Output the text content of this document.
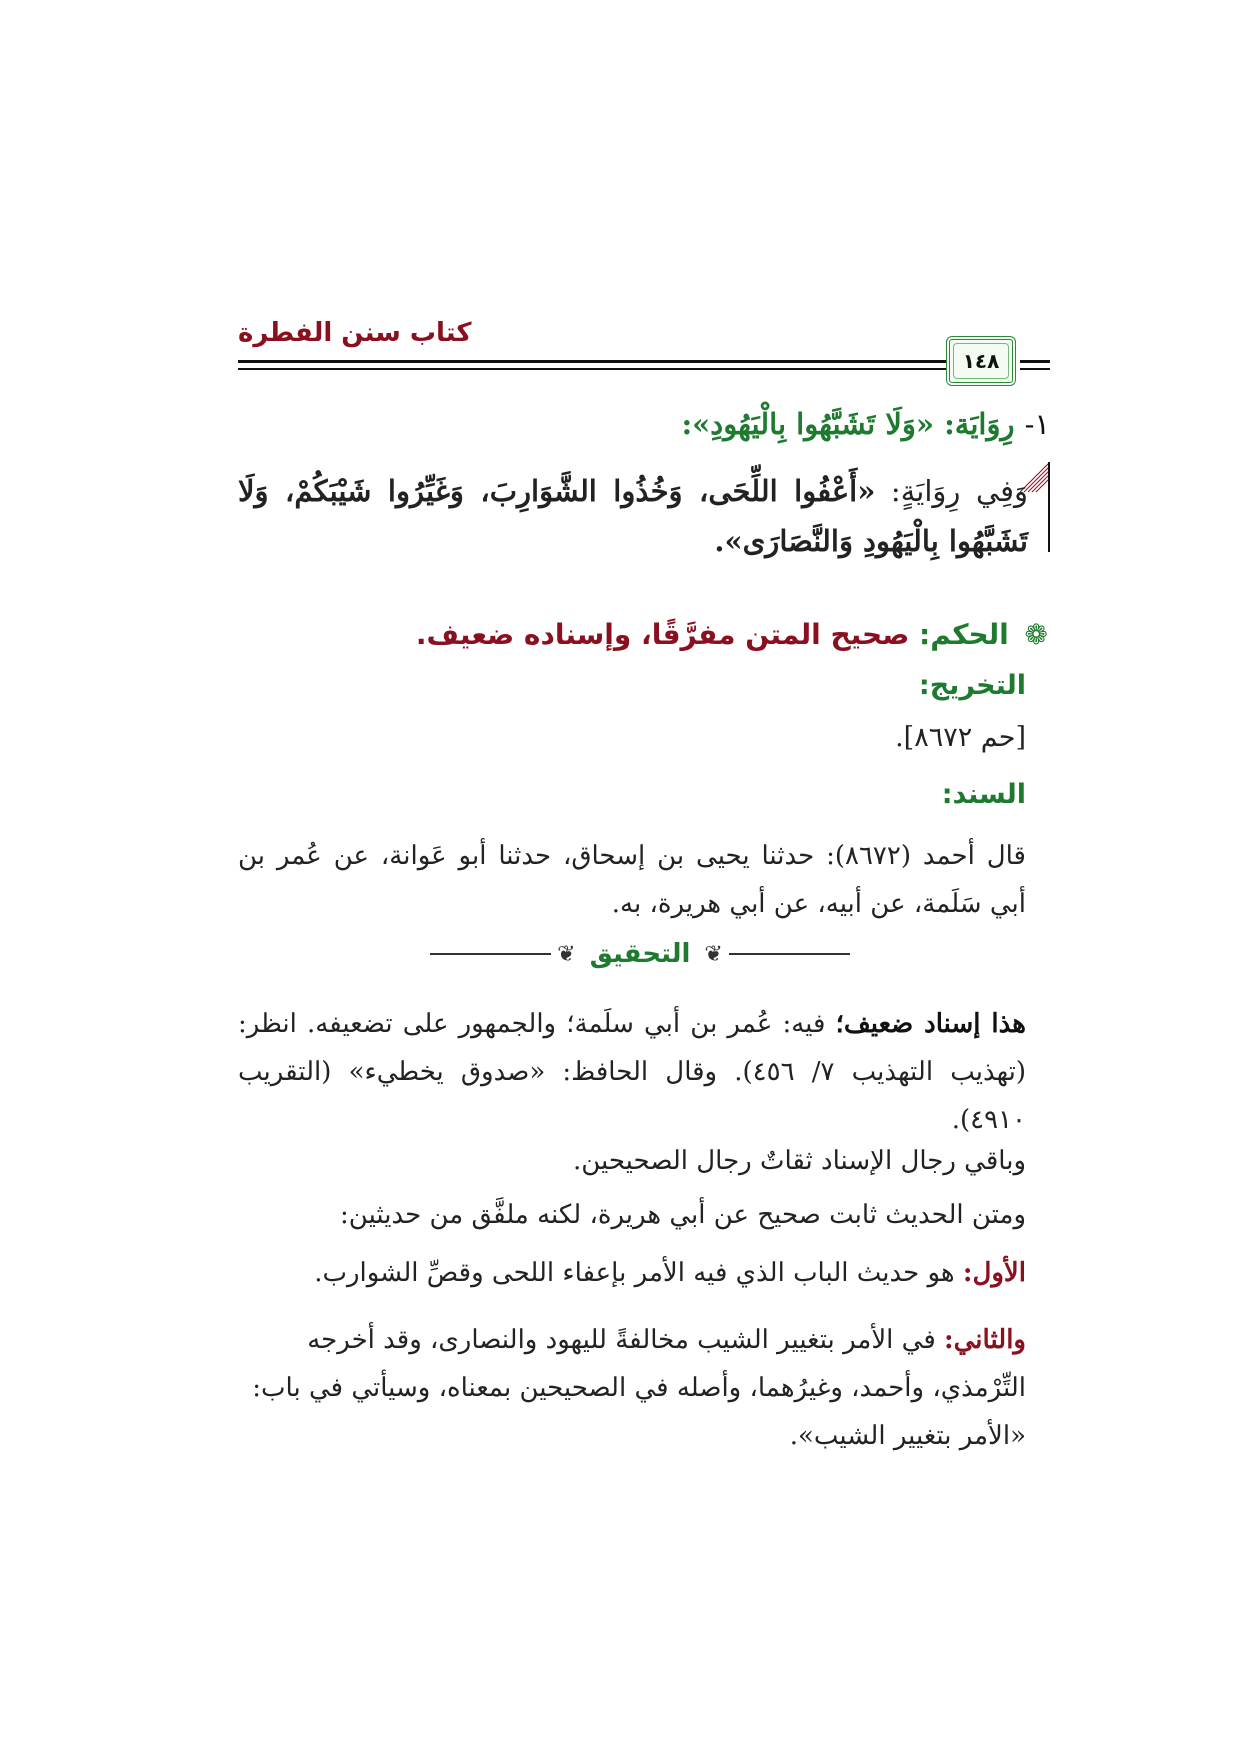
كتاب سنن الفطرة
١٤٨
١- رِوَايَة: «وَلَا تَشَبَّهُوا بِالْيَهُودِ»:
وَفِي رِوَايَةٍ: «أَعْفُوا اللِّحَى، وَخُذُوا الشَّوَارِبَ، وَغَيِّرُوا شَيْبَكُمْ، وَلَا تَشَبَّهُوا بِالْيَهُودِ وَالنَّصَارَى».
❁ الحكم: صحيح المتن مفرَّقًا، وإسناده ضعيف.
التخريج:
[حم ٨٦٧٢].
السند:
قال أحمد (٨٦٧٢): حدثنا يحيى بن إسحاق، حدثنا أبو عَوانة، عن عُمر بن أبي سَلَمة، عن أبيه، عن أبي هريرة، به.
❦
التحقيق
❦
هذا إسناد ضعيف؛ فيه: عُمر بن أبي سلَمة؛ والجمهور على تضعيفه. انظر: (تهذيب التهذيب ٧/ ٤٥٦). وقال الحافظ: «صدوق يخطيء» (التقريب ٤٩١٠).
وباقي رجال الإسناد ثقاتٌ رجال الصحيحين.
ومتن الحديث ثابت صحيح عن أبي هريرة، لكنه ملفَّق من حديثين:
الأول: هو حديث الباب الذي فيه الأمر بإعفاء اللحى وقصِّ الشوارب.
والثاني: في الأمر بتغيير الشيب مخالفةً لليهود والنصارى، وقد أخرجه التِّرْمذي، وأحمد، وغيرُهما، وأصله في الصحيحين بمعناه، وسيأتي في باب: «الأمر بتغيير الشيب».
